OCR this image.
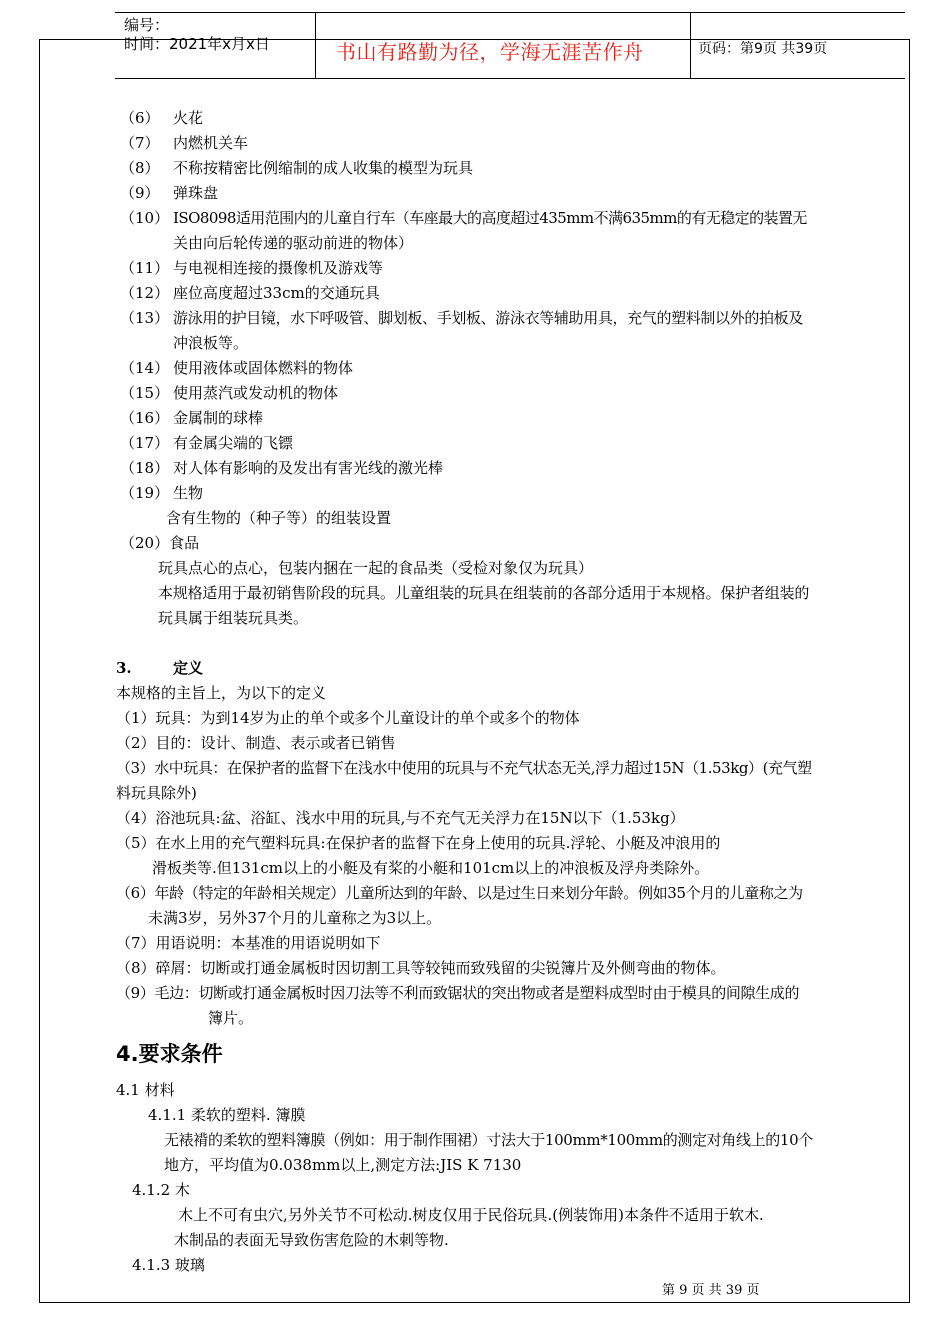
编号：
时间：2021年x月x日	书山有路勤为径，学海无涯苦作舟	页码：第9页 共39页
（6） 火花
（7） 内燃机关车
（8） 不称按精密比例缩制的成人收集的模型为玩具
（9） 弹珠盘
（10） ISO8098适用范围内的儿童自行车（车座最大的高度超过435mm不满635mm的有无稳定的装置无
关由向后轮传递的驱动前进的物体）
（11） 与电视相连接的摄像机及游戏等
（12） 座位高度超过33cm的交通玩具
（13） 游泳用的护目镜，水下呼吸管、脚划板、手划板、游泳衣等辅助用具，充气的塑料制以外的拍板及
冲浪板等。
（14） 使用液体或固体燃料的物体
（15） 使用蒸汽或发动机的物体
（16） 金属制的球棒
（17） 有金属尖端的飞镖
（18） 对人体有影响的及发出有害光线的激光棒
（19） 生物
含有生物的（种子等）的组装设置
（20）食品
玩具点心的点心，包装内捆在一起的食品类（受检对象仅为玩具）
本规格适用于最初销售阶段的玩具。儿童组装的玩具在组装前的各部分适用于本规格。保护者组装的
玩具属于组装玩具类。
3.	定义
本规格的主旨上，为以下的定义
（1）玩具：为到14岁为止的单个或多个儿童设计的单个或多个的物体
（2）目的：设计、制造、表示或者已销售
（3）水中玩具：在保护者的监督下在浅水中使用的玩具与不充气状态无关,浮力超过15N（1.53kg）(充气塑
料玩具除外)
（4）浴池玩具:盆、浴缸、浅水中用的玩具,与不充气无关浮力在15N以下（1.53kg）
（5）在水上用的充气塑料玩具:在保护者的监督下在身上使用的玩具.浮轮、小艇及冲浪用的
滑板类等.但131cm以上的小艇及有桨的小艇和101cm以上的冲浪板及浮舟类除外。
（6）年龄（特定的年龄相关规定）儿童所达到的年龄、以是过生日来划分年龄。例如35个月的儿童称之为
未满3岁，另外37个月的儿童称之为3以上。
（7）用语说明：本基准的用语说明如下
（8）碎屑：切断或打通金属板时因切割工具等较钝而致残留的尖锐簿片及外侧弯曲的物体。
（9）毛边：切断或打通金属板时因刀法等不利而致锯状的突出物或者是塑料成型时由于模具的间隙生成的
簿片。
4.要求条件
4.1 材料
4.1.1 柔软的塑料. 簿膜
无裱褙的柔软的塑料簿膜（例如：用于制作围裙）寸法大于100mm*100mm的测定对角线上的10个
地方，平均值为0.038mm以上,测定方法:JIS K 7130
4.1.2 木
木上不可有虫穴,另外关节不可松动.树皮仅用于民俗玩具.(例装饰用)本条件不适用于软木.
木制品的表面无导致伤害危险的木刺等物.
4.1.3 玻璃
第 9 页 共 39 页
